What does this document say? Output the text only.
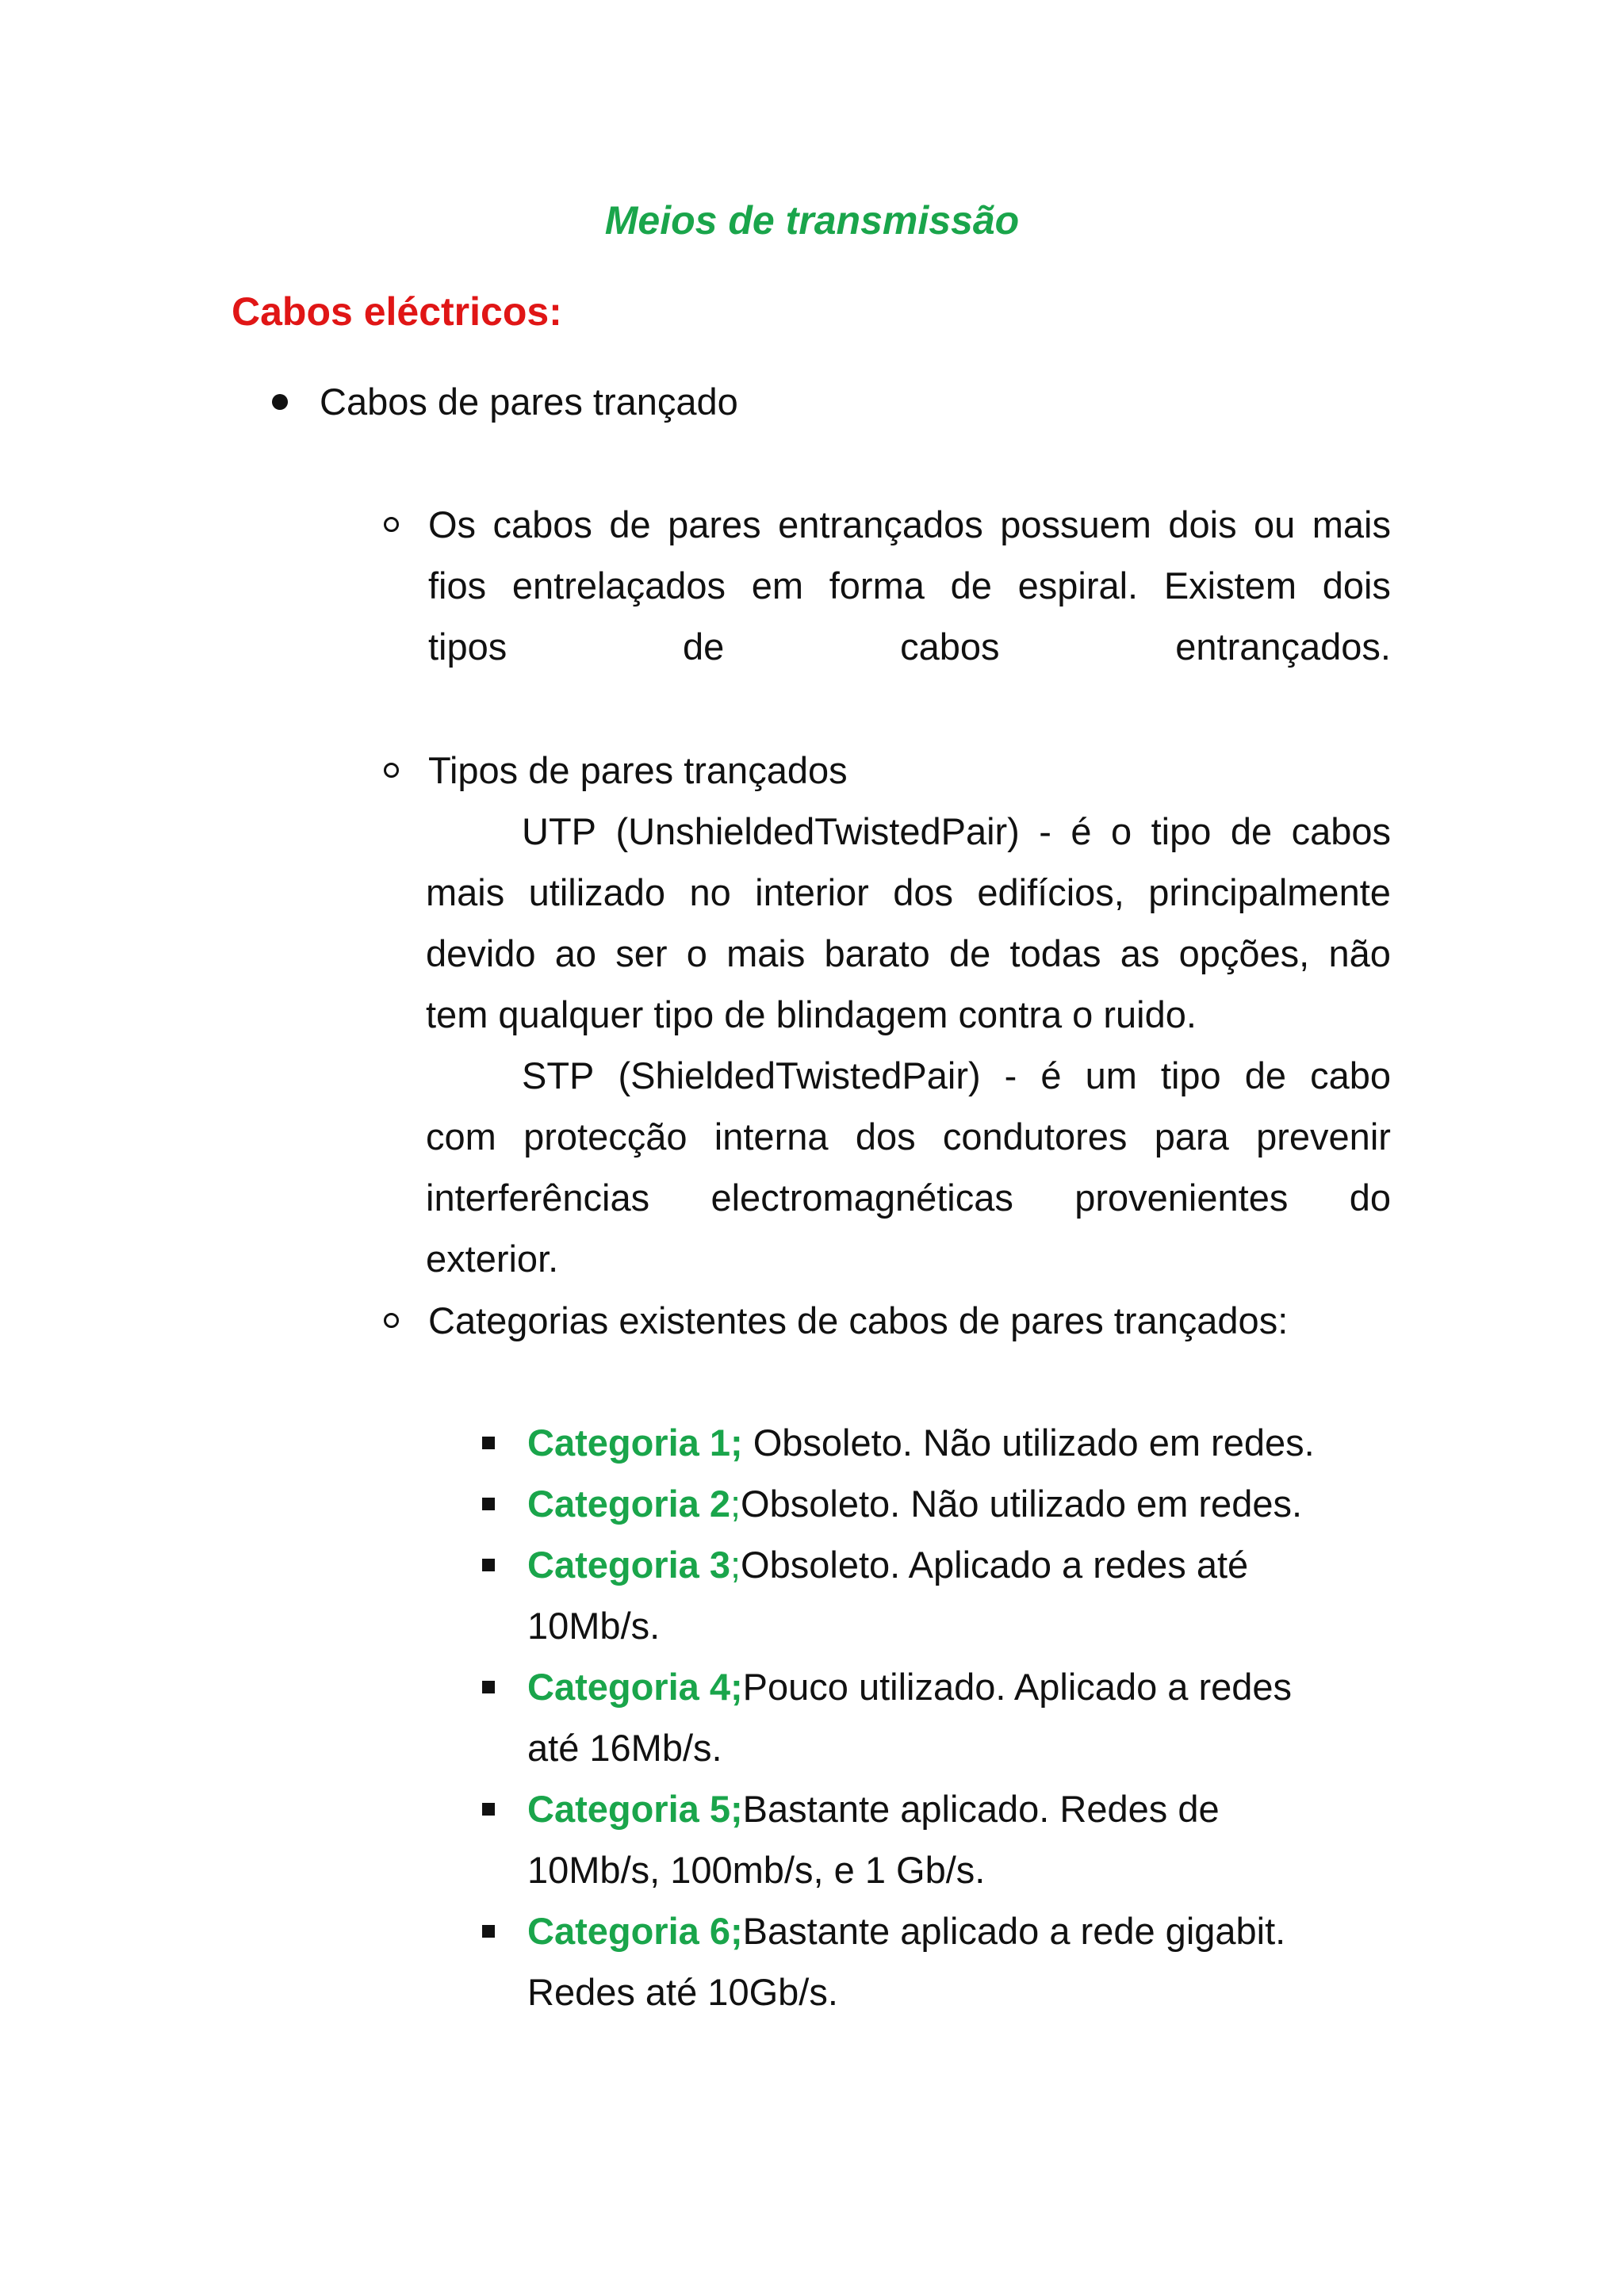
Meios de transmissão
Cabos eléctricos:
Cabos de pares trançado
Os cabos de pares entrançados possuem dois ou mais
fios entrelaçados em forma de espiral. Existem dois
tipos	de	cabos	entrançados.
Tipos de pares trançados
UTP (UnshieldedTwistedPair) - é o tipo de cabos
mais utilizado no interior dos edifícios, principalmente
devido ao ser o mais barato de todas as opções, não
tem qualquer tipo de blindagem contra o ruido.
STP (ShieldedTwistedPair) - é um tipo de cabo
com protecção interna dos condutores para prevenir
interferências electromagnéticas provenientes do
exterior.
Categorias existentes de cabos de pares trançados:
Categoria 1; Obsoleto. Não utilizado em redes.
Categoria 2;Obsoleto. Não utilizado em redes.
Categoria 3;Obsoleto. Aplicado a redes até
10Mb/s.
Categoria 4;Pouco utilizado. Aplicado a redes
até 16Mb/s.
Categoria 5;Bastante aplicado. Redes de
10Mb/s, 100mb/s, e 1 Gb/s.
Categoria 6;Bastante aplicado a rede gigabit.
Redes até 10Gb/s.
